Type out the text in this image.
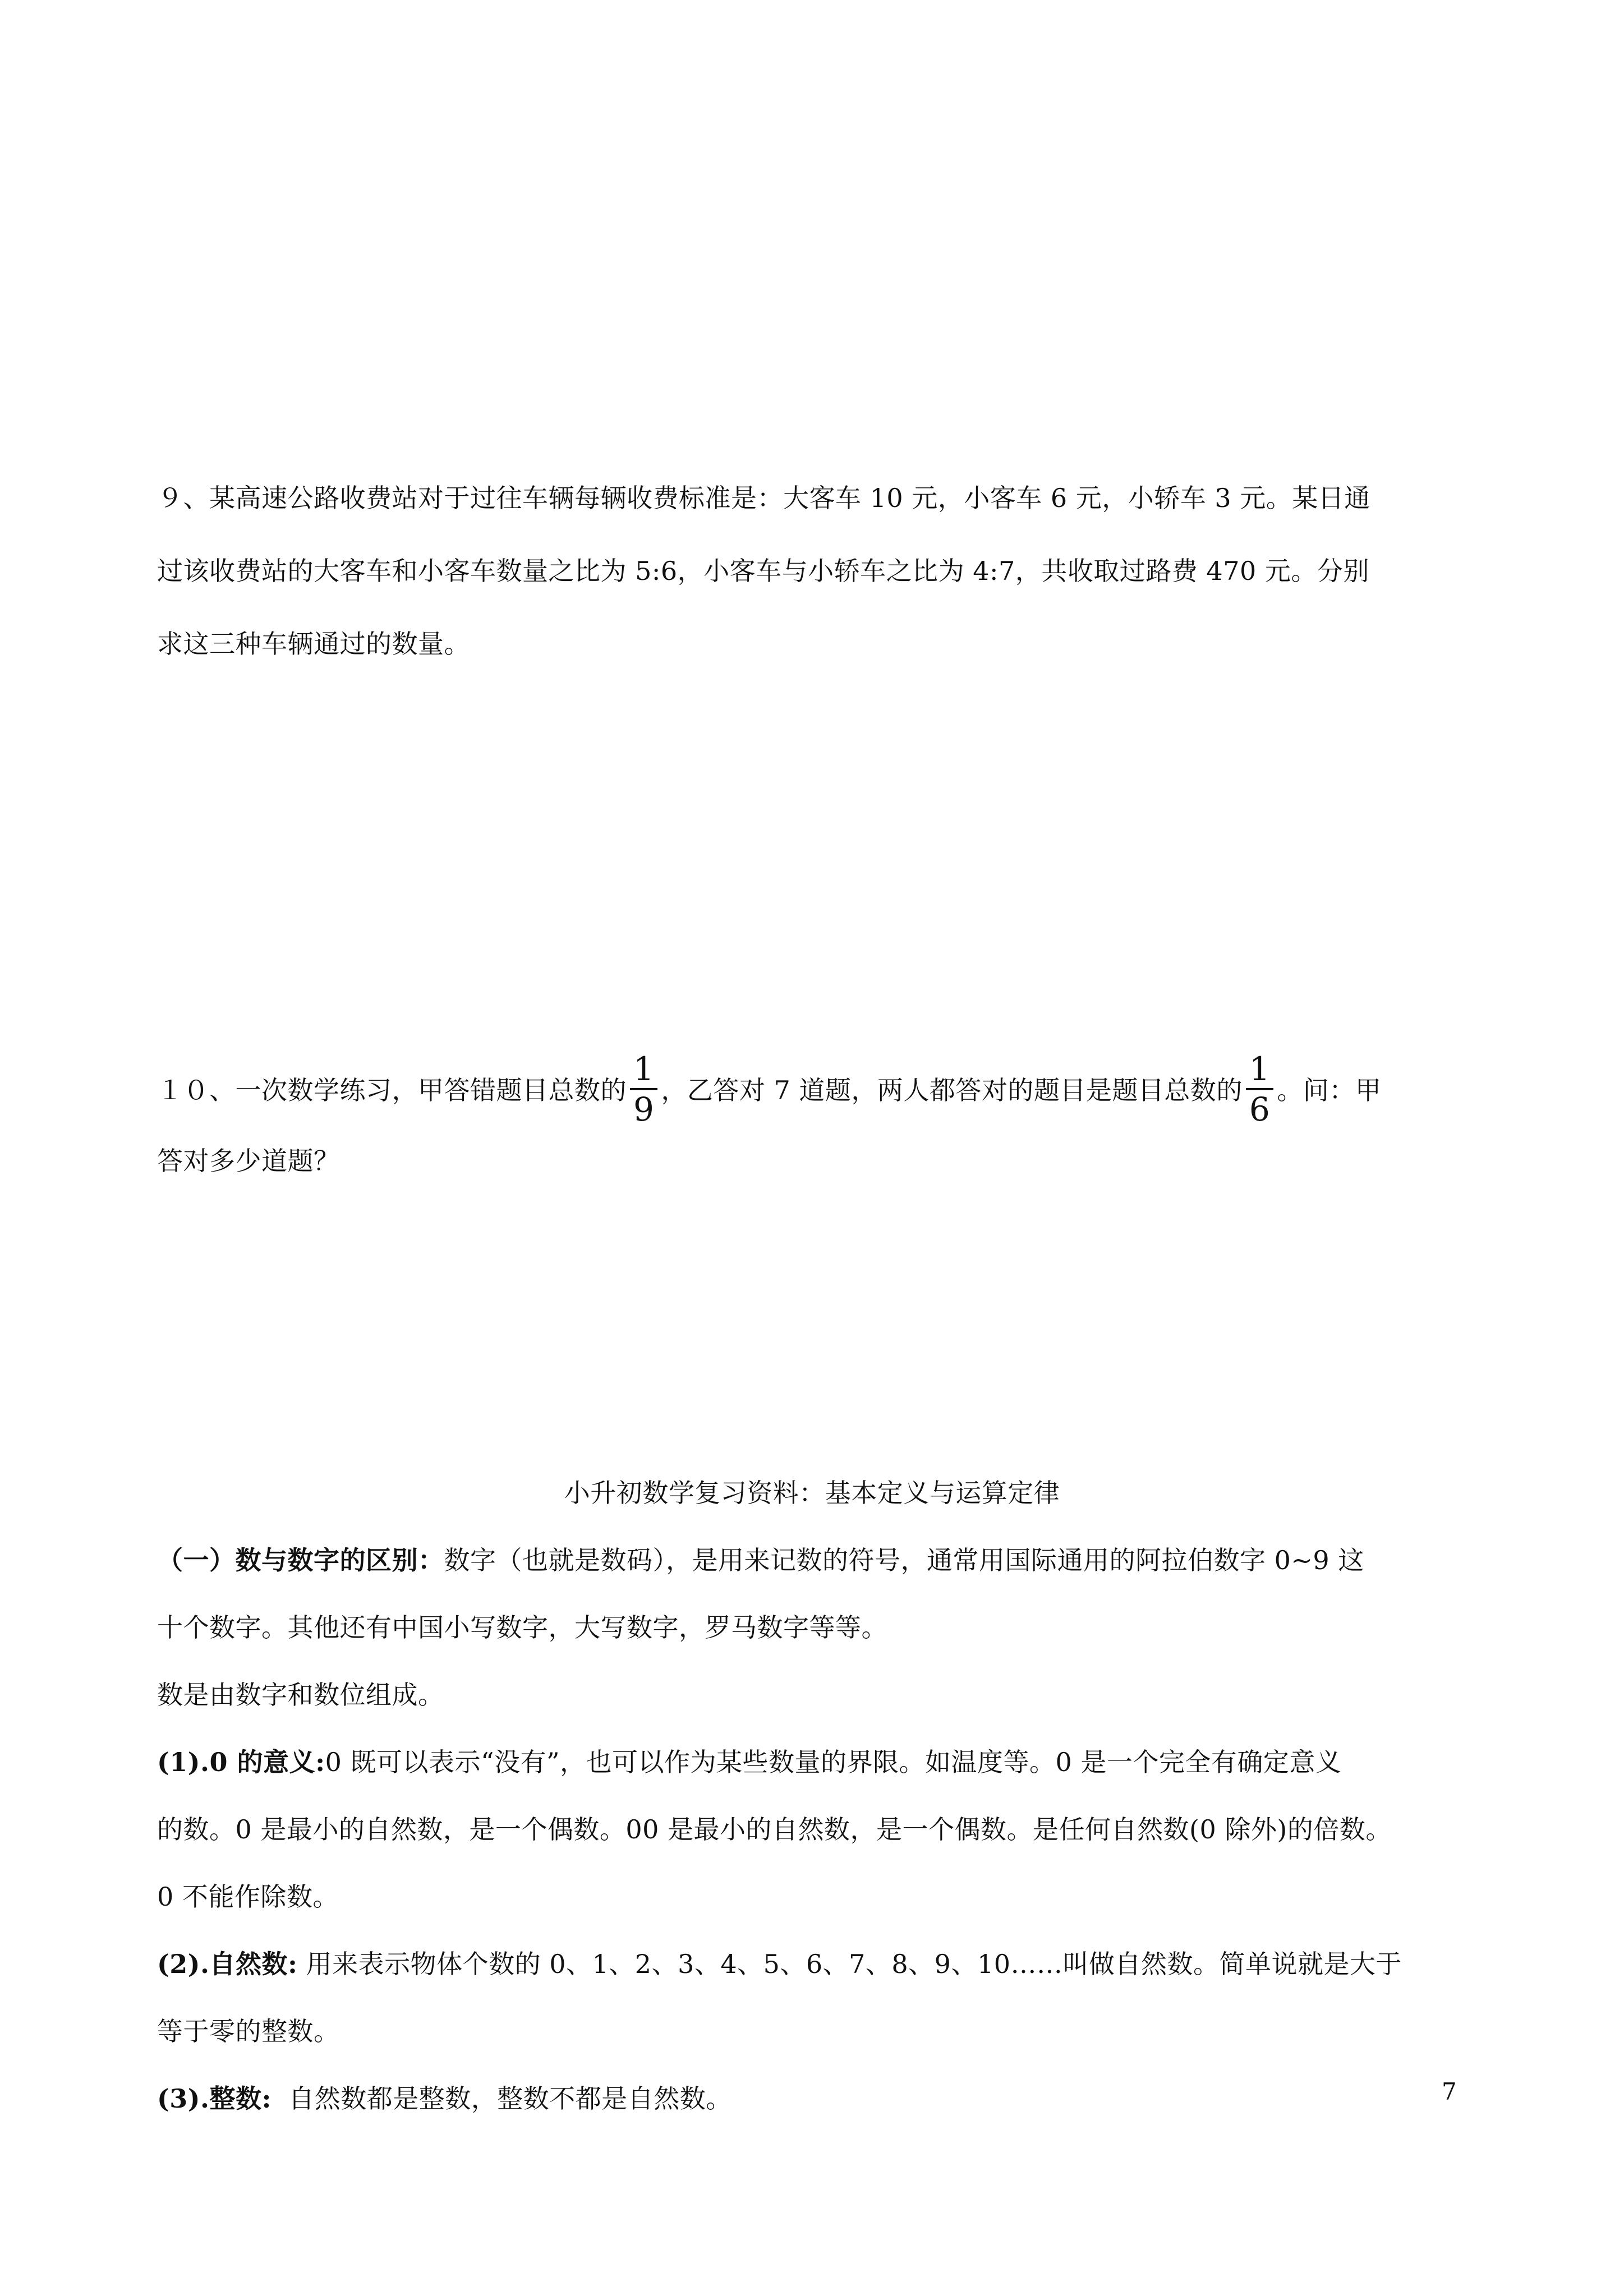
９、某高速公路收费站对于过往车辆每辆收费标准是：大客车 10 元，小客车 6 元，小轿车 3 元。某日通
过该收费站的大客车和小客车数量之比为 5:6，小客车与小轿车之比为 4:7，共收取过路费 470 元。分别
求这三种车辆通过的数量。
１０、一次数学练习，甲答错题目总数的 $\frac{1}{9}$ ，乙答对 7 道题，两人都答对的题目是题目总数的 $\frac{1}{6}$ 。问：甲
答对多少道题？
小升初数学复习资料：基本定义与运算定律
（一）数与数字的区别：数字（也就是数码），是用来记数的符号，通常用国际通用的阿拉伯数字 0~9 这
十个数字。其他还有中国小写数字，大写数字，罗马数字等等。
数是由数字和数位组成。
(1).0 的意义:0 既可以表示“没有”，也可以作为某些数量的界限。如温度等。0 是一个完全有确定意义
的数。0 是最小的自然数，是一个偶数。00 是最小的自然数，是一个偶数。是任何自然数(0 除外)的倍数。
0 不能作除数。
(2).自然数: 用来表示物体个数的 0、1、2、3、4、5、6、7、8、9、10……叫做自然数。简单说就是大于
等于零的整数。
(3).整数:  自然数都是整数，整数不都是自然数。	7
